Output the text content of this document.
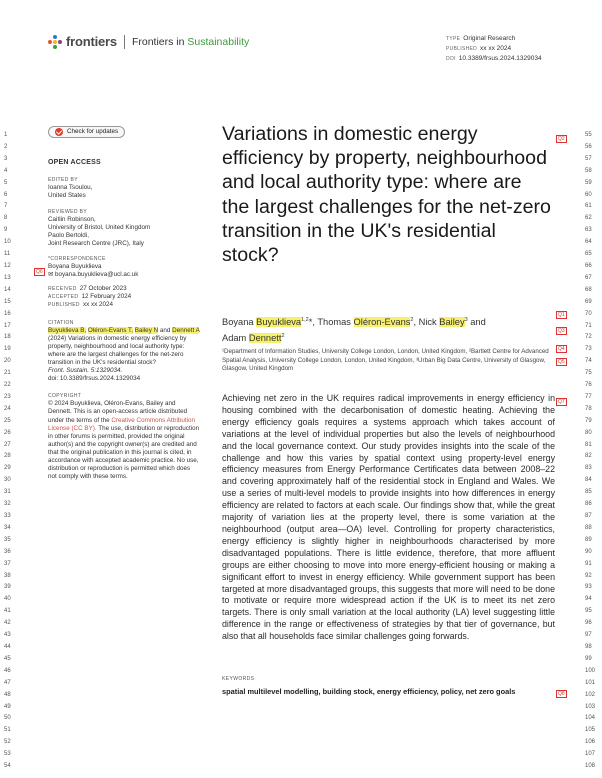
frontiers Frontiers in Sustainability	TYPE Original Research
PUBLISHED xx xx 2024
DOI 10.3389/frsus.2024.1329034
1
2
3
4
5
6
7
8
9
10
11
12
13
14
15
16
17
18
19
20
21
22
23
24
25
26
27
28
29
30
31
32
33
34
35
36
37
38
39
40
41
42
43
44
45
46
47
48
49
50
51
52
53
54
55
56
57
58
59
60
61
62
63
64
65
66
67
68
69
70
71
72
73
74
75
76
77
78
79
80
81
82
83
84
85
86
87
88
89
90
91
92
93
94
95
96
97
98
99
100
101
102
103
104
105
106
107
108
Check for updates
OPEN ACCESS
EDITED BY
Ioanna Tsoulou,
United States
REVIEWED BY
Caitlin Robinson,
University of Bristol, United Kingdom
Paolo Bertoldi,
Joint Research Centre (JRC), Italy
*CORRESPONDENCE
Boyana Buyuklieva
✉ boyana.buyuklieva@ucl.ac.uk
RECEIVED 27 October 2023
ACCEPTED 12 February 2024
PUBLISHED xx xx 2024
CITATION
Buyuklieva B, Oléron-Evans T, Bailey N and Dennett A (2024) Variations in domestic energy efficiency by property, neighbourhood and local authority type: where are the largest challenges for the net-zero transition in the UK's residential stock?
Front. Sustain. 5:1329034.
doi: 10.3389/frsus.2024.1329034
COPYRIGHT
© 2024 Buyuklieva, Oléron-Evans, Bailey and Dennett. This is an open-access article distributed under the terms of the Creative Commons Attribution License (CC BY). The use, distribution or reproduction in other forums is permitted, provided the original author(s) and the copyright owner(s) are credited and that the original publication in this journal is cited, in accordance with accepted academic practice. No use, distribution or reproduction is permitted which does not comply with these terms.
Q6
Variations in domestic energy efficiency by property, neighbourhood and local authority type: where are the largest challenges for the net-zero transition in the UK's residential stock?
Boyana Buyuklieva$^{1,2}$*, Thomas Oléron-Evans$^2$, Nick Bailey$^3$ and
Adam Dennett$^2$
¹Department of Information Studies, University College London, London, United Kingdom, ²Bartlett Centre for Advanced Spatial Analysis, University College London, London, United Kingdom, ³Urban Big Data Centre, University of Glasgow, Glasgow, United Kingdom
Achieving net zero in the UK requires radical improvements in energy efficiency in housing combined with the decarbonisation of domestic heating. Achieving the energy efficiency goals requires a systems approach which takes account of variations at the level of individual properties but also the levels of neighbourhood and the local governance context. Our study provides insights into the scale of the challenge and how this varies by spatial context using property-level energy efficiency measures from Energy Performance Certificates data between 2008–22 and covering approximately half of the residential stock in England and Wales. We use a series of multi-level models to provide insights into how differences in energy efficiency are related to factors at each scale. Our findings show that, while the great majority of variation lies at the property level, there is some variation at the neighbourhood (output area—OA) level. Controlling for property characteristics, energy efficiency is slightly higher in neighbourhoods characterised by more disadvantaged populations. There is little evidence, therefore, that more affluent groups are either choosing to move into more energy-efficient housing or making a significant effort to invest in energy efficiency. While government support has been targeted at more disadvantaged groups, this suggests that more will need to be done to motivate or require more widespread action if the UK is to meet its net zero targets. There is only small variation at the local authority (LA) level suggesting little difference in the range or effectiveness of strategies by that tier of governance, but also that all households face similar challenges going forwards.
KEYWORDS
spatial multilevel modelling, building stock, energy efficiency, policy, net zero goals
Q2
Q1
Q3
Q4
Q5
Q7
Q8
